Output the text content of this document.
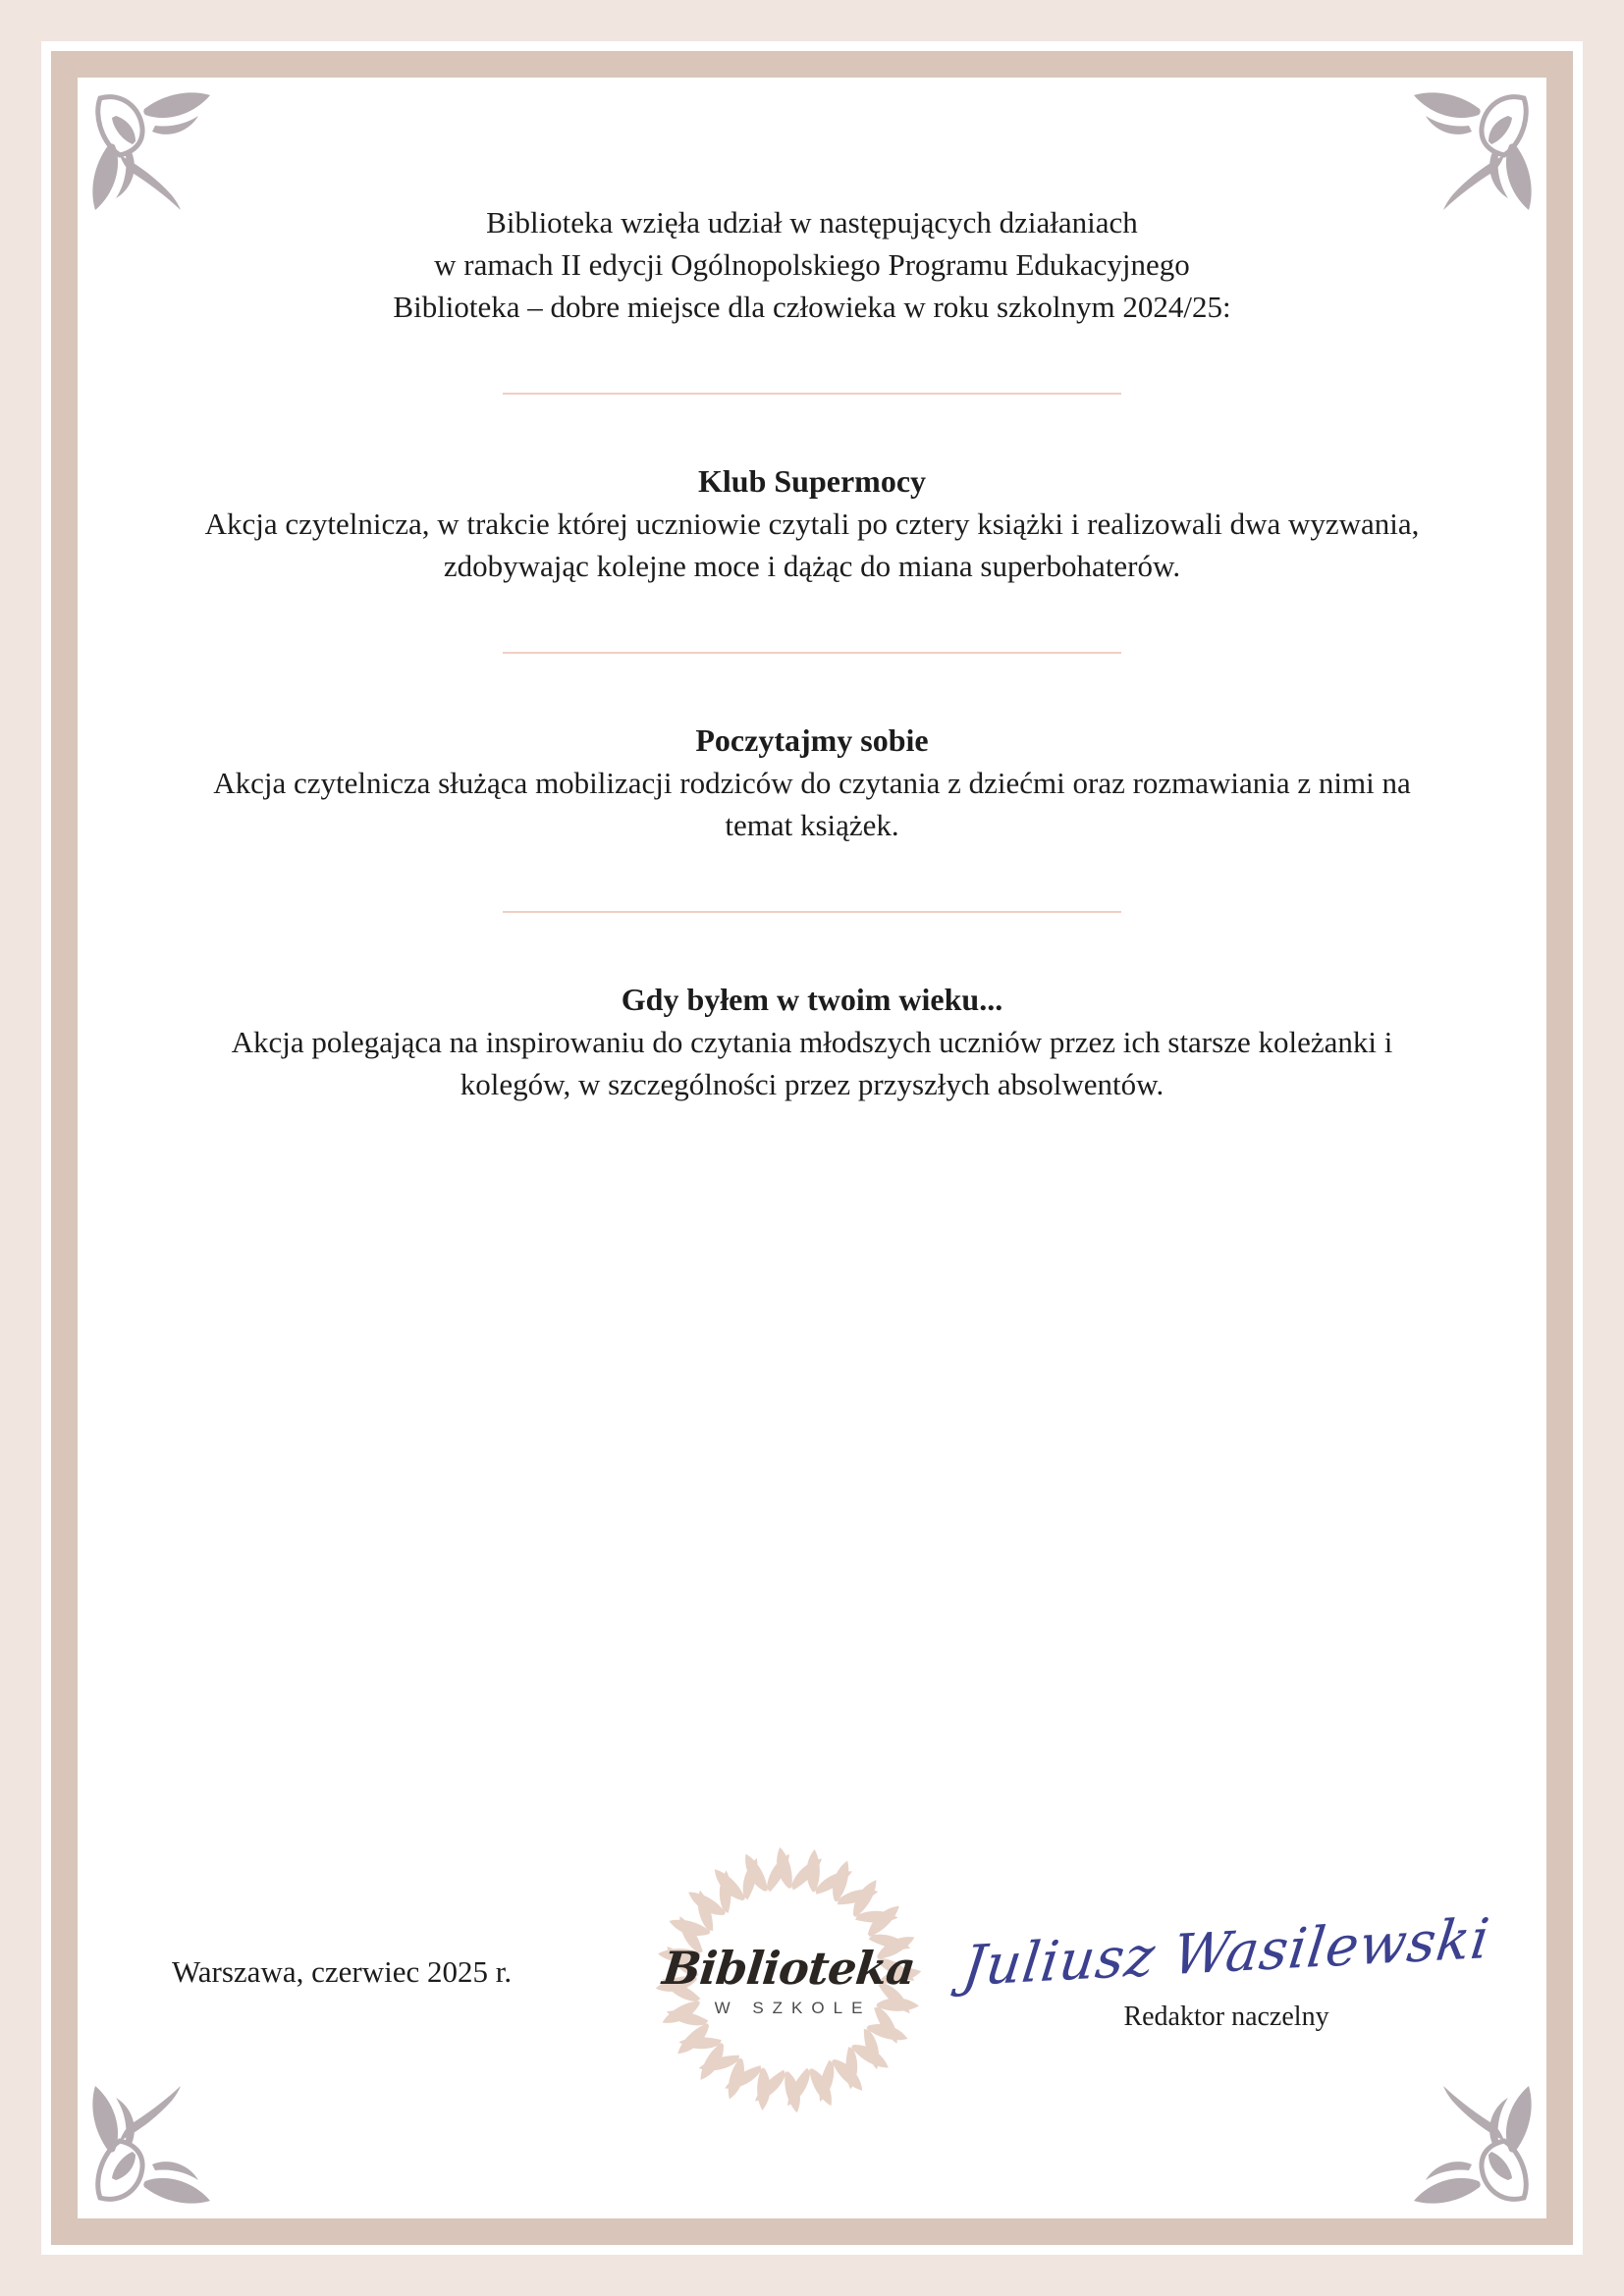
Biblioteka wzięła udział w następujących działaniach
w ramach II edycji Ogólnopolskiego Programu Edukacyjnego
Biblioteka – dobre miejsce dla człowieka w roku szkolnym 2024/25:
Klub Supermocy

Akcja czytelnicza, w trakcie której uczniowie czytali po cztery książki i realizowali dwa wyzwania, zdobywając kolejne moce i dążąc do miana superbohaterów.

Poczytajmy sobie

Akcja czytelnicza służąca mobilizacji rodziców do czytania z dziećmi oraz rozmawiania z nimi na temat książek.

Gdy byłem w twoim wieku...

Akcja polegająca na inspirowaniu do czytania młodszych uczniów przez ich starsze koleżanki i kolegów, w szczególności przez przyszłych absolwentów.

Warszawa, czerwiec 2025 r.	Biblioteka
W SZKOLE
Juliusz Wasilewski
Redaktor naczelny
